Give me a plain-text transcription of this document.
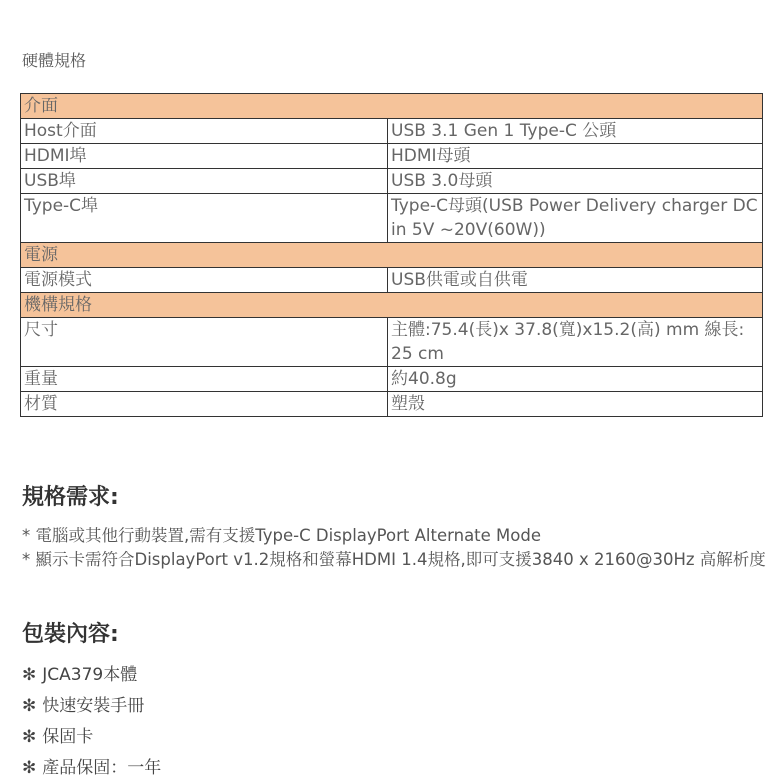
硬體規格
介面	
Host介面	USB 3.1 Gen 1 Type-C 公頭
HDMI埠	HDMI母頭
USB埠	USB 3.0母頭
Type-C埠	Type-C母頭(USB Power Delivery charger DC in 5V ~20V(60W))
電源	
電源模式	USB供電或自供電
機構規格	
尺寸	主體:75.4(長)x 37.8(寬)x15.2(高) mm 線長: 25 cm
重量	約40.8g
材質	塑殼
規格需求:
* 電腦或其他行動裝置,需有支援Type-C DisplayPort Alternate Mode
* 顯示卡需符合DisplayPort v1.2規格和螢幕HDMI 1.4規格,即可支援3840 x 2160@30Hz 高解析度
包裝內容:
✻ JCA379本體
✻ 快速安裝手冊
✻ 保固卡
✻ 產品保固：一年
